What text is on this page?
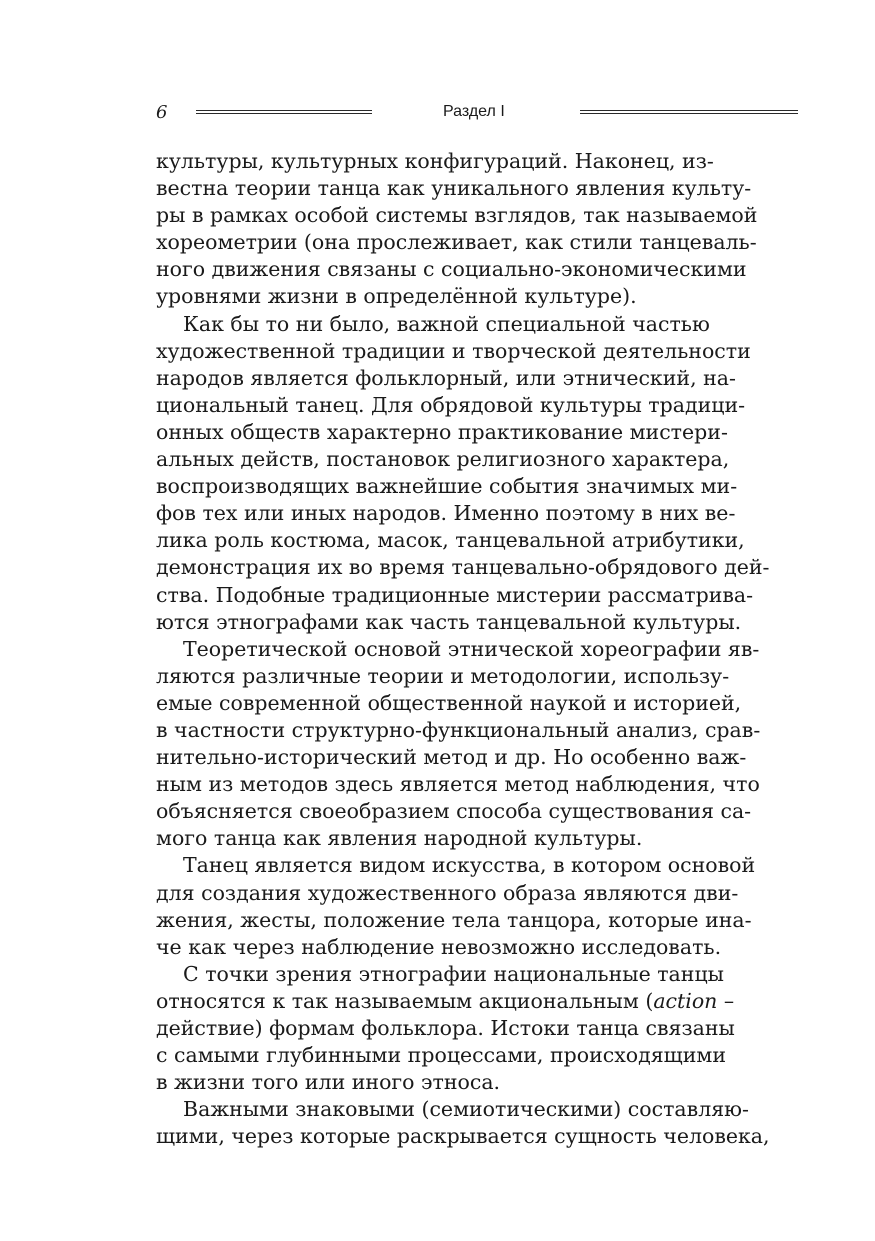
6	Раздел I

культуры, культурных конфигураций. Наконец, из-
вестна теории танца как уникального явления культу-
ры в рамках особой системы взглядов, так называемой
хореометрии (она прослеживает, как стили танцеваль-
ного движения связаны с социально-экономическими
уровнями жизни в определённой культуре).

Как бы то ни было, важной специальной частью
художественной традиции и творческой деятельности
народов является фольклорный, или этнический, на-
циональный танец. Для обрядовой культуры традици-
онных обществ характерно практикование мистери-
альных действ, постановок религиозного характера,
воспроизводящих важнейшие события значимых ми-
фов тех или иных народов. Именно поэтому в них ве-
лика роль костюма, масок, танцевальной атрибутики,
демонстрация их во время танцевально-обрядового дей-
ства. Подобные традиционные мистерии рассматрива-
ются этнографами как часть танцевальной культуры.

Теоретической основой этнической хореографии яв-
ляются различные теории и методологии, использу-
емые современной общественной наукой и историей,
в частности структурно-функциональный анализ, срав-
нительно-исторический метод и др. Но особенно важ-
ным из методов здесь является метод наблюдения, что
объясняется своеобразием способа существования са-
мого танца как явления народной культуры.

Танец является видом искусства, в котором основой
для создания художественного образа являются дви-
жения, жесты, положение тела танцора, которые ина-
че как через наблюдение невозможно исследовать.

С точки зрения этнографии национальные танцы
относятся к так называемым акциональным (action –
действие) формам фольклора. Истоки танца связаны
с самыми глубинными процессами, происходящими
в жизни того или иного этноса.

Важными знаковыми (семиотическими) составляю-
щими, через которые раскрывается сущность человека,
